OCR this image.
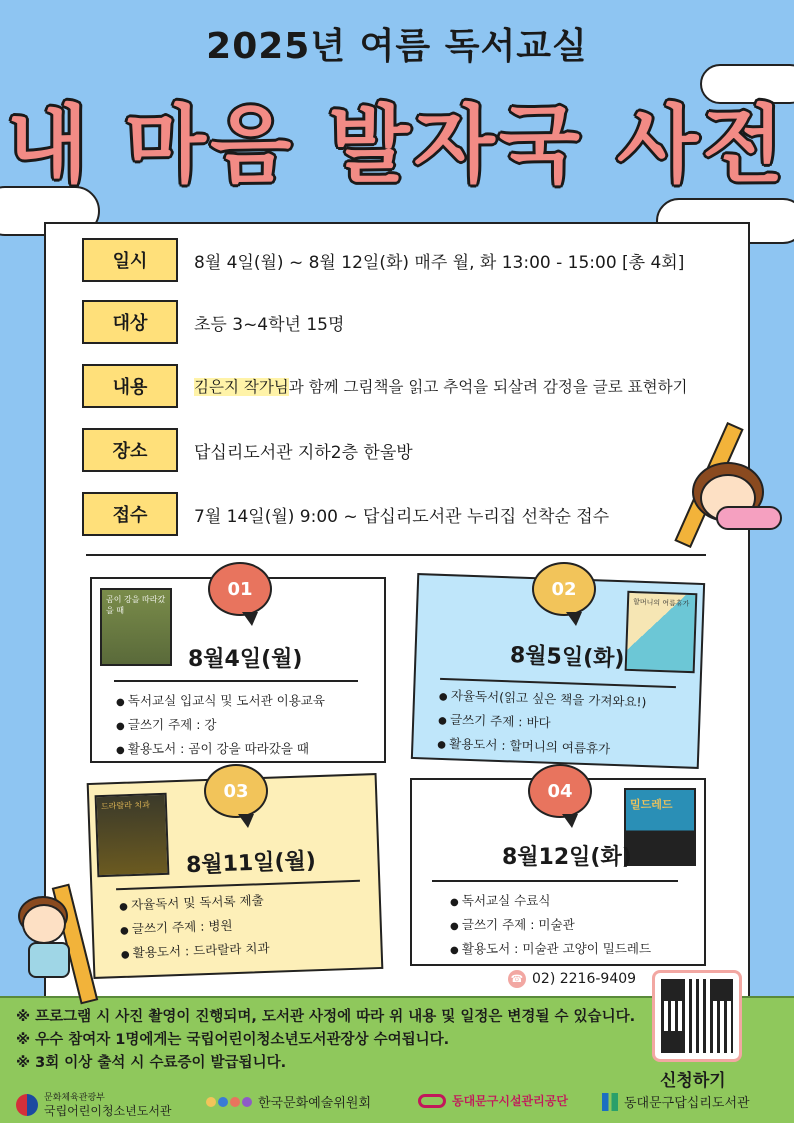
2025년 여름 독서교실
내 마음 발자국 사전
일시	8월 4일(월) ~ 8월 12일(화) 매주 월, 화 13:00 - 15:00 [총 4회]
대상	초등 3~4학년 15명
내용	김은지 작가님과 함께 그림책을 읽고 추억을 되살려 감정을 글로 표현하기
장소	답십리도서관 지하2층 한울방
접수	7월 14일(월) 9:00 ~ 답십리도서관 누리집 선착순 접수
01
곰이 강을 따라갔을 때
8월4일(월)
● 독서교실 입교식 및 도서관 이용교육
● 글쓰기 주제 : 강
● 활용도서 : 곰이 강을 따라갔을 때
02
할머니의 여름휴가
8월5일(화)
● 자율독서(읽고 싶은 책을 가져와요!)
● 글쓰기 주제 : 바다
● 활용도서 : 할머니의 여름휴가
03
드라랄라 치과
8월11일(월)
● 자율독서 및 독서록 제출
● 글쓰기 주제 : 병원
● 활용도서 : 드라랄라 치과
04
밀드레드
8월12일(화)
● 독서교실 수료식
● 글쓰기 주제 : 미술관
● 활용도서 : 미술관 고양이 밀드레드
☎ 02) 2216-9409
※ 프로그램 시 사진 촬영이 진행되며, 도서관 사정에 따라 위 내용 및 일정은 변경될 수 있습니다.
※ 우수 참여자 1명에게는 국립어린이청소년도서관장상 수여됩니다.
※ 3회 이상 출석 시 수료증이 발급됩니다.
신청하기
문화체육관광부
국립어린이청소년도서관	한국문화예술위원회	동대문구시설관리공단	동대문구답십리도서관
